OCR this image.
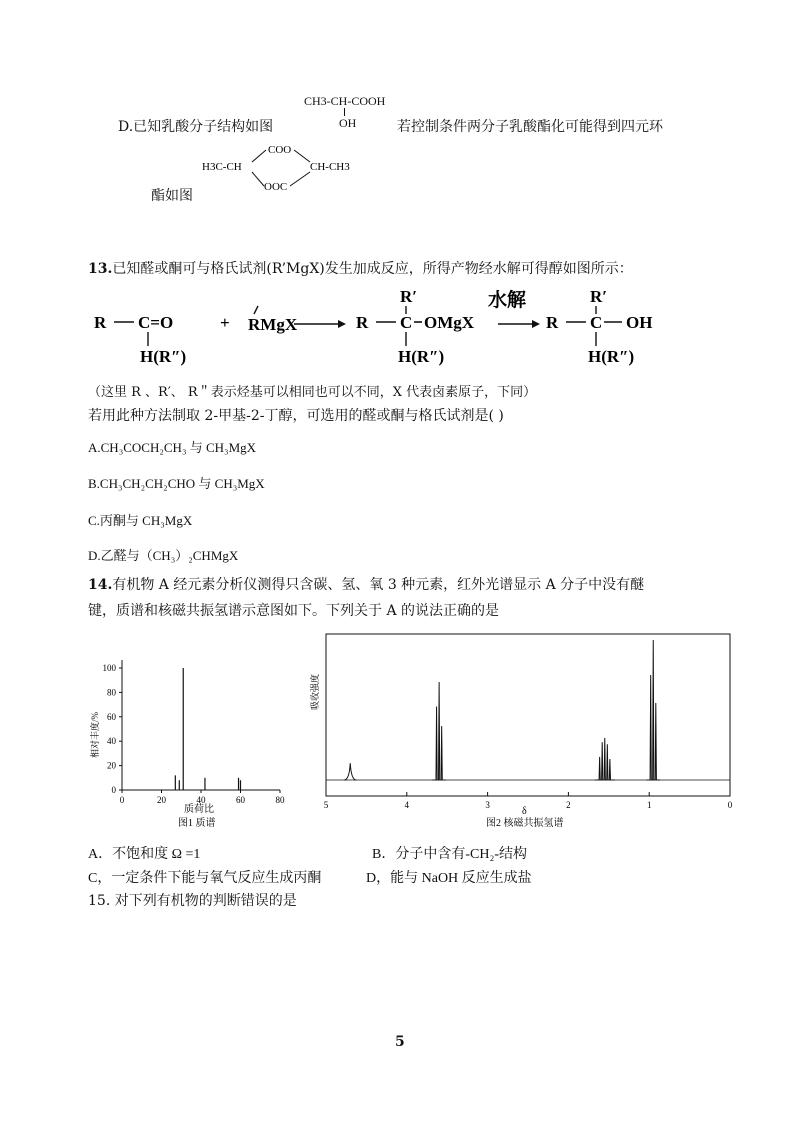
CH3-CH-COOH
OH
D.已知乳酸分子结构如图	若控制条件两分子乳酸酯化可能得到四元环
H3C-CH
COO
OOC
CH-CH3
酯如图
13.已知醛或酮可与格氏试剂(R’MgX)发生加成反应，所得产物经水解可得醇如图所示：
R C=O
H(R″)
+ RMgX	R
R′
C OMgX
H(R″)
水解
R
R′
C OH
H(R″)
（这里 R 、R′、 R＂表示烃基可以相同也可以不同，X 代表卤素原子，下同）
若用此种方法制取 2-甲基-2-丁醇，可选用的醛或酮与格氏试剂是( )
A.CH₃COCH₂CH₃ 与 CH₃MgX
B.CH₃CH₂CH₂CHO 与 CH₃MgX
C.丙酮与 CH₃MgX
D.乙醛与（CH₃）₂CHMgX
14.有机物 A 经元素分析仪测得只含碳、氢、氧 3 种元素，红外光谱显示 A 分子中没有醚
键，质谱和核磁共振氢谱示意图如下。下列关于 A 的说法正确的是
0
20
40
60
80
100
0	20	40	60	80
相对丰度/%
质荷比
图1 质谱
5	4	3	2	1	0
吸收强度
δ
图2 核磁共振氢谱
A．不饱和度 Ω =1	B．分子中含有-CH₂-结构
C，一定条件下能与氧气反应生成丙酮	D，能与 NaOH 反应生成盐
15. 对下列有机物的判断错误的是
5
